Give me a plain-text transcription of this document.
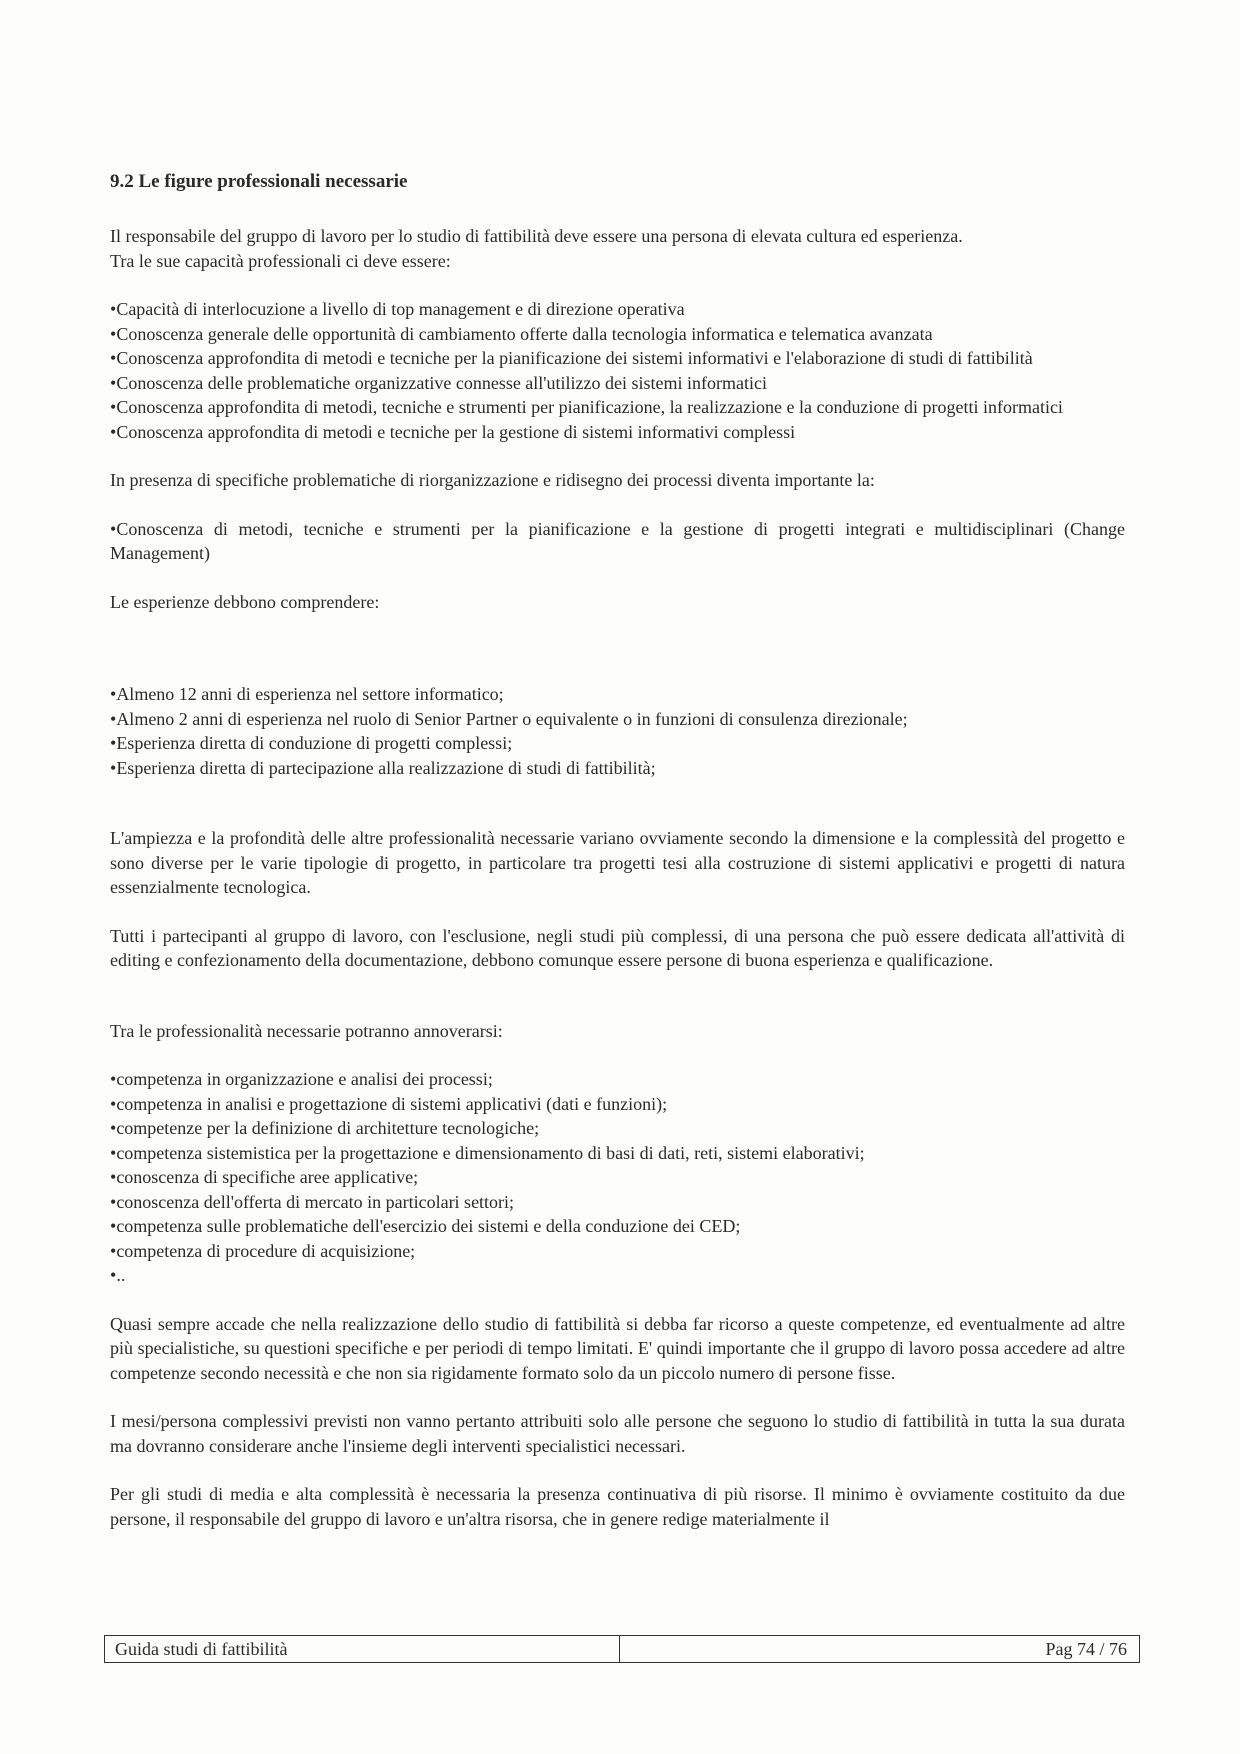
9.2 Le figure professionali necessarie

Il responsabile del gruppo di lavoro per lo studio di fattibilità deve essere una persona di elevata cultura ed esperienza.
Tra le sue capacità professionali ci deve essere:

• Capacità di interlocuzione a livello di top management e di direzione operativa
• Conoscenza generale delle opportunità di cambiamento offerte dalla tecnologia informatica e telematica avanzata
• Conoscenza approfondita di metodi e tecniche per la pianificazione dei sistemi informativi e l'elaborazione di studi di fattibilità
• Conoscenza delle problematiche organizzative connesse all'utilizzo dei sistemi informatici
• Conoscenza approfondita di metodi, tecniche e strumenti per pianificazione, la realizzazione e la conduzione di progetti informatici
• Conoscenza approfondita di metodi e tecniche per la gestione di sistemi informativi complessi

In presenza di specifiche problematiche di riorganizzazione e ridisegno dei processi diventa importante la:

• Conoscenza di metodi, tecniche e strumenti per la pianificazione e la gestione di progetti integrati e multidisciplinari (Change Management)

Le esperienze debbono comprendere:

• Almeno 12 anni di esperienza nel settore informatico;
• Almeno 2 anni di esperienza nel ruolo di Senior Partner o equivalente o in funzioni di consulenza direzionale;
• Esperienza diretta di conduzione di progetti complessi;
• Esperienza diretta di partecipazione alla realizzazione di studi di fattibilità;

L'ampiezza e la profondità delle altre professionalità necessarie variano ovviamente secondo la dimensione e la complessità del progetto e sono diverse per le varie tipologie di progetto, in particolare tra progetti tesi alla costruzione di sistemi applicativi e progetti di natura essenzialmente tecnologica.

Tutti i partecipanti al gruppo di lavoro, con l'esclusione, negli studi più complessi, di una persona che può essere dedicata all'attività di editing e confezionamento della documentazione, debbono comunque essere persone di buona esperienza e qualificazione.

Tra le professionalità necessarie potranno annoverarsi:

• competenza in organizzazione e analisi dei processi;
• competenza in analisi e progettazione di sistemi applicativi (dati e funzioni);
• competenze per la definizione di architetture tecnologiche;
• competenza sistemistica per la progettazione e dimensionamento di basi di dati, reti, sistemi elaborativi;
• conoscenza di specifiche aree applicative;
• conoscenza dell'offerta di mercato in particolari settori;
• competenza sulle problematiche dell'esercizio dei sistemi e della conduzione dei CED;
• competenza di procedure di acquisizione;
• ..

Quasi sempre accade che nella realizzazione dello studio di fattibilità si debba far ricorso a queste competenze, ed eventualmente ad altre più specialistiche, su questioni specifiche e per periodi di tempo limitati. E' quindi importante che il gruppo di lavoro possa accedere ad altre competenze secondo necessità e che non sia rigidamente formato solo da un piccolo numero di persone fisse.

I mesi/persona complessivi previsti non vanno pertanto attribuiti solo alle persone che seguono lo studio di fattibilità in tutta la sua durata ma dovranno considerare anche l'insieme degli interventi specialistici necessari.

Per gli studi di media e alta complessità è necessaria la presenza continuativa di più risorse. Il minimo è ovviamente costituito da due persone, il responsabile del gruppo di lavoro e un'altra risorsa, che in genere redige materialmente il

Guida studi di fattibilità	Pag 74 / 76
